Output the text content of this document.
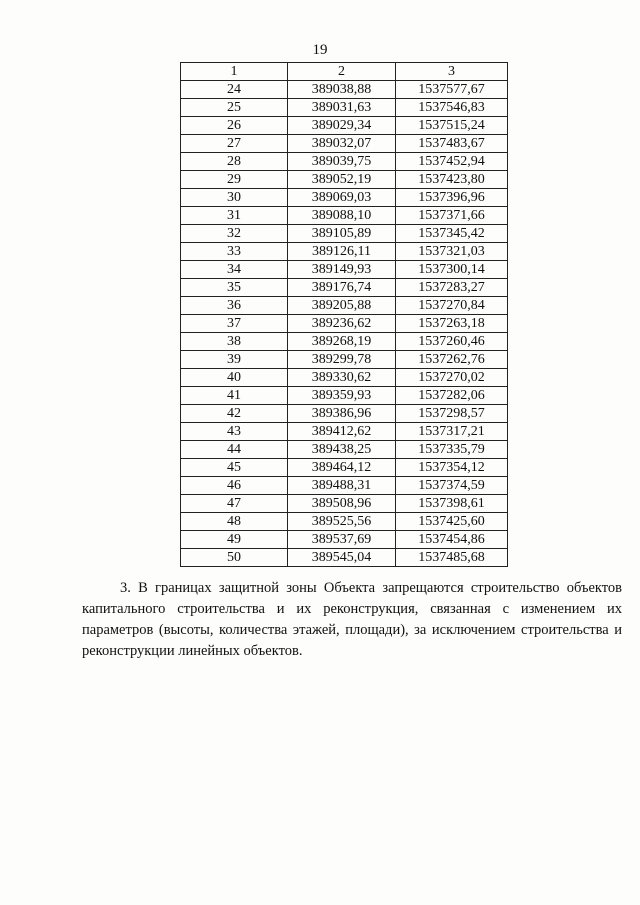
19
1	2	3
24	389038,88	1537577,67
25	389031,63	1537546,83
26	389029,34	1537515,24
27	389032,07	1537483,67
28	389039,75	1537452,94
29	389052,19	1537423,80
30	389069,03	1537396,96
31	389088,10	1537371,66
32	389105,89	1537345,42
33	389126,11	1537321,03
34	389149,93	1537300,14
35	389176,74	1537283,27
36	389205,88	1537270,84
37	389236,62	1537263,18
38	389268,19	1537260,46
39	389299,78	1537262,76
40	389330,62	1537270,02
41	389359,93	1537282,06
42	389386,96	1537298,57
43	389412,62	1537317,21
44	389438,25	1537335,79
45	389464,12	1537354,12
46	389488,31	1537374,59
47	389508,96	1537398,61
48	389525,56	1537425,60
49	389537,69	1537454,86
50	389545,04	1537485,68
3. В границах защитной зоны Объекта запрещаются строительство объектов капитального строительства и их реконструкция, связанная с изменением их параметров (высоты, количества этажей, площади), за исключением строительства и реконструкции линейных объектов.
